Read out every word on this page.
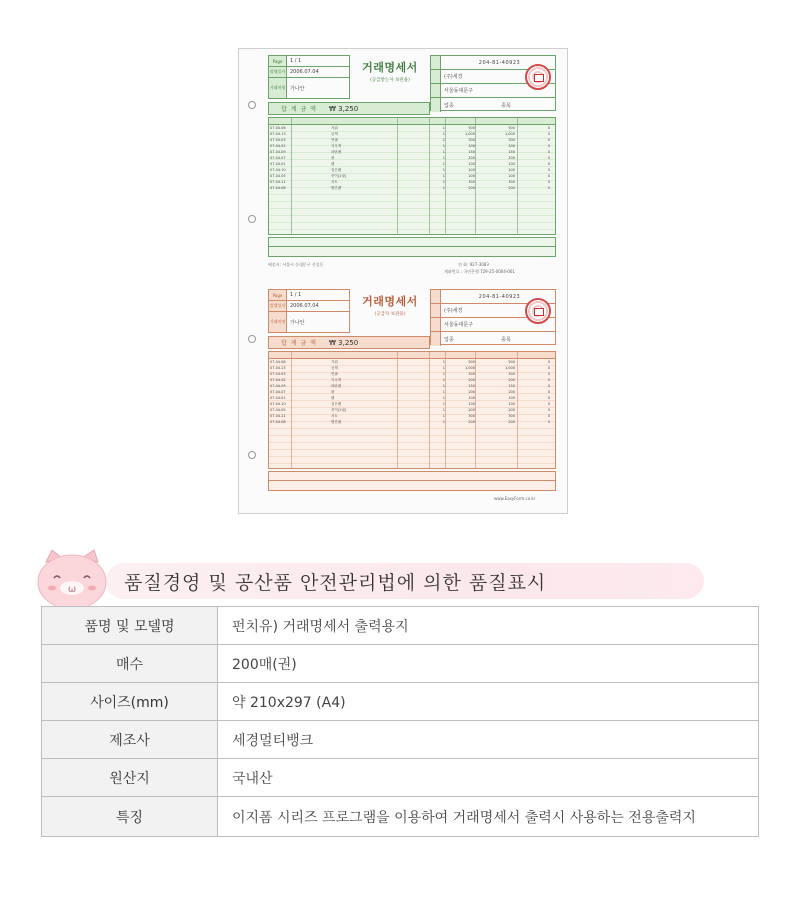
Page	1 / 1
발행일자 2006.07.04
거래처명 가나안
거래명세서
(공급받는자 보관용)
204-81-40923
(주)세경
서울동대문구
업종	종목
합 계 금 액	₩ 3,250
07.04.06	가위	1	500	500	0
07.04.13	공책	1	1,000	1,000	0
07.04.03	연필	1	300	300	0
07.04.02	지우개	1	200	200	0
07.04.09	파란펜	1	150	150	0
07.04.07	풀	1	200	200	0
07.04.01	펜	1	100	100	0
07.04.10	검은펜	1	100	100	0
07.04.05	종이(1권)	1	200	200	0
07.04.11	서트	1	300	300	0
07.04.08	빨간펜	1	200	200	0
배송지: 서울시 동대문구 신설동	전 화: 927-3083
계좌번호 : 국민은행 729-25-0004-061
Page	1 / 1
발행일자 2006.07.04
거래처명 가나안
거래명세서
(공급자 보관용)
204-81-40923
(주)세경
서울동대문구
업종	종목
합 계 금 액	₩ 3,250
07.04.06	가위	1	500	500	0
07.04.13	공책	1	1,000	1,000	0
07.04.03	연필	1	300	300	0
07.04.02	지우개	1	200	200	0
07.04.09	파란펜	1	150	150	0
07.04.07	풀	1	200	200	0
07.04.01	펜	1	100	100	0
07.04.10	검은펜	1	100	100	0
07.04.05	종이(1권)	1	200	200	0
07.04.11	서트	1	300	300	0
07.04.08	빨간펜	1	200	200	0
www.EasyForm.co.kr
ω	품질경영 및 공산품 안전관리법에 의한 품질표시
품명 및 모델명	펀치유) 거래명세서 출력용지
매수	200매(권)
사이즈(mm)	약 210x297 (A4)
제조사	세경멀티뱅크
원산지	국내산
특징	이지폼 시리즈 프로그램을 이용하여 거래명세서 출력시 사용하는 전용출력지
